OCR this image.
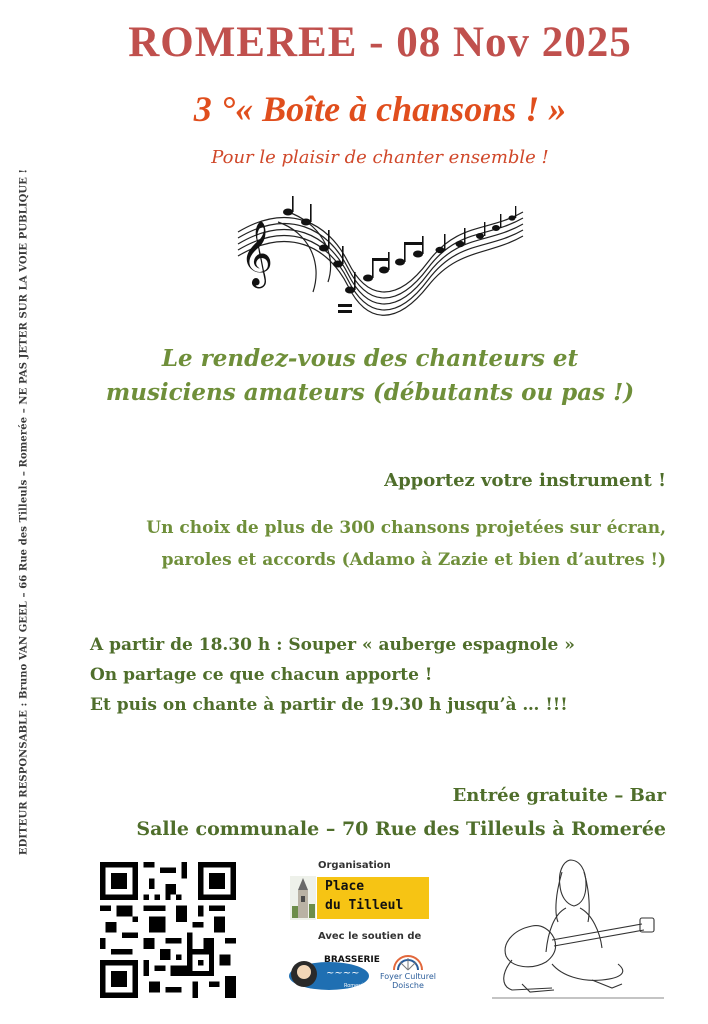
EDITEUR RESPONSABLE : Bruno VAN GEEL – 66 Rue des Tilleuls – Romerée – NE PAS JETER SUR LA VOIE PUBLIQUE !
ROMEREE - 08 Nov 2025
3 °« Boîte à chansons ! »
Pour le plaisir de chanter ensemble !
𝄞
Le rendez-vous des chanteurs et
musiciens amateurs (débutants ou pas !)
Apportez votre instrument !
Un choix de plus de 300 chansons projetées sur écran,
paroles et accords (Adamo à Zazie et bien d’autres !)
A partir de 18.30 h : Souper « auberge espagnole »
On partage ce que chacun apporte !
Et puis on chante à partir de 19.30 h jusqu’à … !!!
Entrée gratuite – Bar
Salle communale – 70 Rue des Tilleuls à Romerée
Organisation
Place
du Tilleul
Avec le soutien de
BRASSERIE
~~~~
Romerée
Foyer Culturel
Doische
